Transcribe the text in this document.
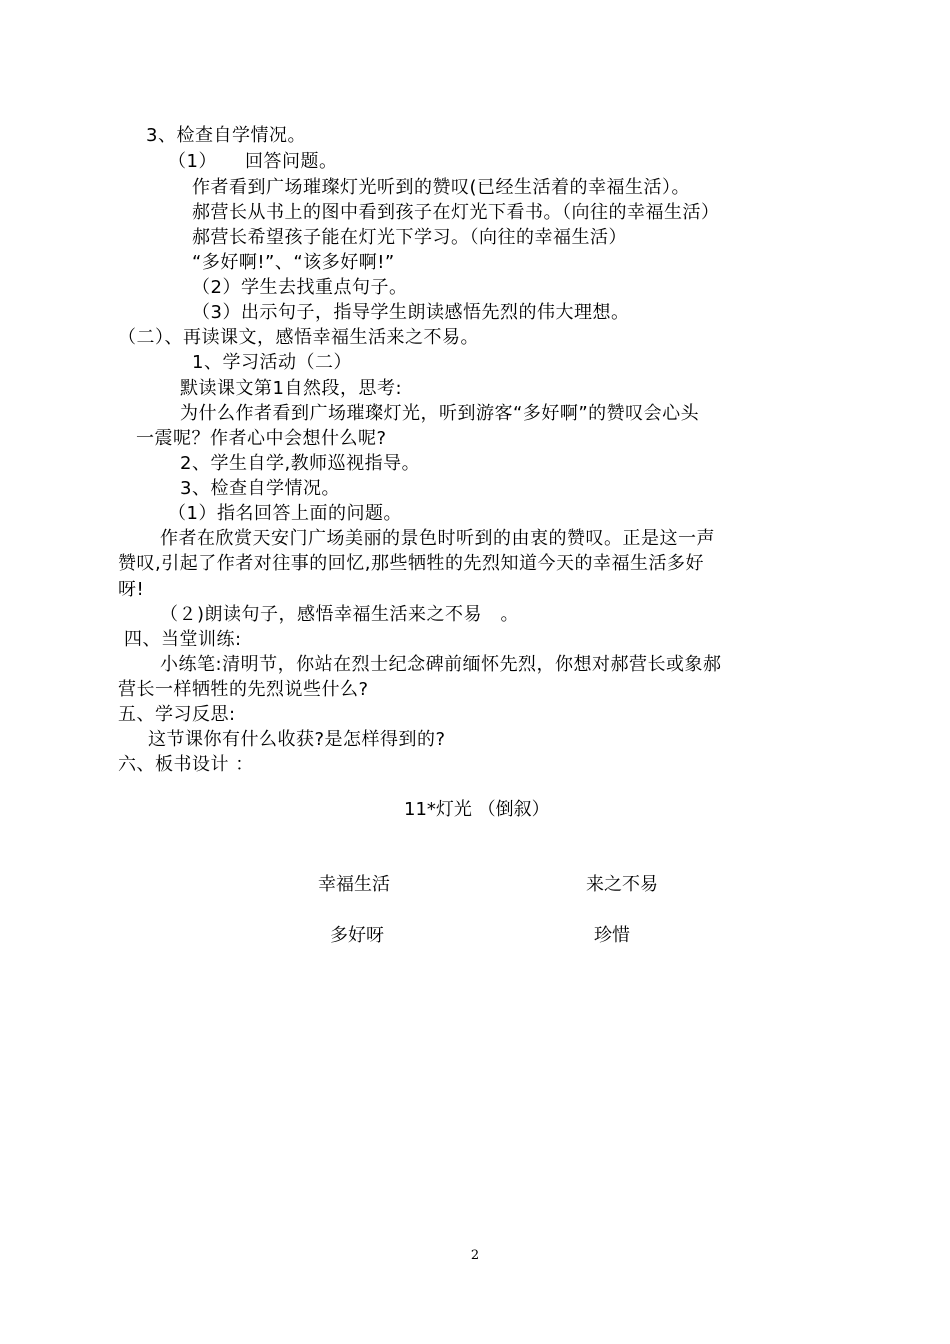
3、检查自学情况。
（1）　　回答问题。
作者看到广场璀璨灯光听到的赞叹(已经生活着的幸福生活）。
郝营长从书上的图中看到孩子在灯光下看书。（向往的幸福生活）
郝营长希望孩子能在灯光下学习。（向往的幸福生活）
“多好啊!”、“该多好啊!”
（2）学生去找重点句子。
（3）出示句子，指导学生朗读感悟先烈的伟大理想。
（二）、再读课文，感悟幸福生活来之不易。
1、学习活动（二）
默读课文第1自然段，思考:
为什么作者看到广场璀璨灯光，听到游客“多好啊”的赞叹会心头
一震呢？作者心中会想什么呢?
2、学生自学,教师巡视指导。
3、检查自学情况。
（1）指名回答上面的问题。
作者在欣赏天安门广场美丽的景色时听到的由衷的赞叹。正是这一声
赞叹,引起了作者对往事的回忆,那些牺牲的先烈知道今天的幸福生活多好
呀!
（２)朗读句子，感悟幸福生活来之不易　。
四、当堂训练:
小练笔:清明节，你站在烈士纪念碑前缅怀先烈，你想对郝营长或象郝
营长一样牺牲的先烈说些什么?
五、学习反思:
这节课你有什么收获?是怎样得到的?
六、板书设计 ：
11*灯光 （倒叙）
幸福生活	来之不易
多好呀	珍惜
2
